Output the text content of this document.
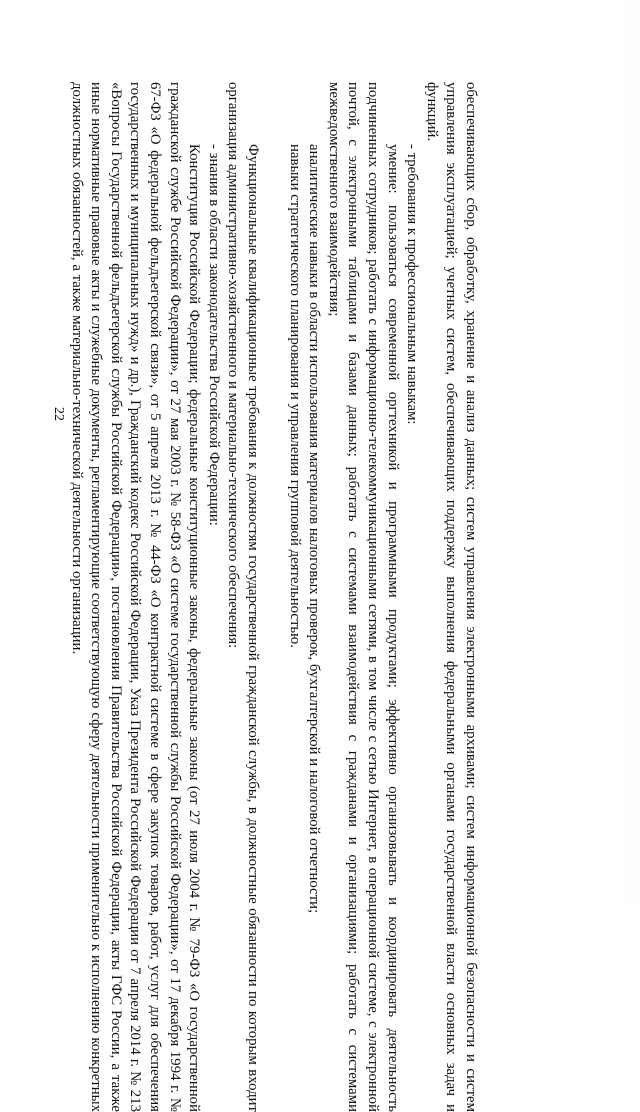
22	обеспечивающих сбор, обработку, хранение и анализ данных; систем управления электронными архивами; систем информационной безопасности и систем управления эксплуатацией; учетных систем, обеспечивающих поддержку выполнения федеральными органами государственной власти основных задач и функций.

- требования к профессиональным навыкам:

умение: пользоваться современной оргтехникой и программными продуктами; эффективно организовывать и координировать деятельность подчиненных сотрудников; работать с информационно-телекоммуникационными сетями, в том числе с сетью Интернет, в операционной системе, с электронной почтой, с электронными таблицами и базами данных; работать с системами взаимодействия с гражданами и организациями; работать с системами межведомственного взаимодействия;

аналитические навыки в области использования материалов налоговых проверок, бухгалтерской и налоговой отчетности;

навыки стратегического планирования и управления групповой деятельностью.

Функциональные квалификационные требования к должностям государственной гражданской службы, в должностные обязанности по которым входит организация административно-хозяйственного и материально-технического обеспечения:

- знания в области законодательства Российской Федерации:

Конституция Российской Федерации; федеральные конституционные законы, федеральные законы (от 27 июля 2004 г. № 79-ФЗ «О государственной гражданской службе Российской Федерации», от 27 мая 2003 г. № 58-ФЗ «О системе государственной службы Российской Федерации», от 17 декабря 1994 г. № 67-ФЗ «О федеральной фельдъегерской связи», от 5 апреля 2013 г. № 44-ФЗ «О контрактной системе в сфере закупок товаров, работ, услуг для обеспечения государственных и муниципальных нужд» и др.), Гражданский кодекс Российской Федерации, Указ Президента Российской Федерации от 7 апреля 2014 г. № 213 «Вопросы Государственной фельдъегерской службы Российской Федерации», постановления Правительства Российской Федерации, акты ГФС России, а также иные нормативные правовые акты и служебные документы, регламентирующие соответствующую сферу деятельности применительно к исполнению конкретных должностных обязанностей, а также материально-технической деятельности организации.
